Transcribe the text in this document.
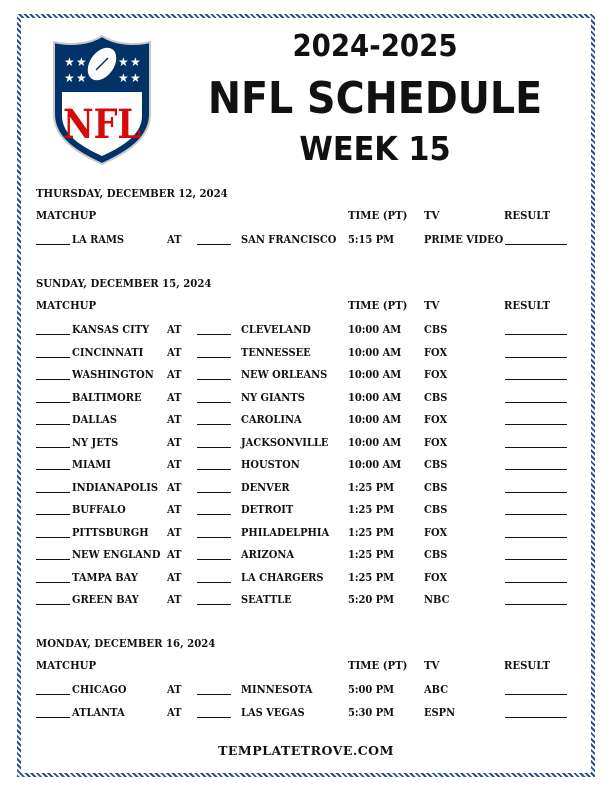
★ ★	★ ★
★ ★	★ ★
NFL
2024-2025
NFL SCHEDULE
WEEK 15
THURSDAY, DECEMBER 12, 2024
MATCHUP	TIME (PT) TV	RESULT
LA RAMS	AT	SAN FRANCISCO 5:15 PM	PRIME VIDEO
SUNDAY, DECEMBER 15, 2024
MATCHUP	TIME (PT) TV	RESULT
KANSAS CITY AT	CLEVELAND	10:00 AM CBS
CINCINNATI AT	TENNESSEE	10:00 AM FOX
WASHINGTON AT	NEW ORLEANS 10:00 AM FOX
BALTIMORE AT	NY GIANTS	10:00 AM CBS
DALLAS	AT	CAROLINA	10:00 AM FOX
NY JETS	AT	JACKSONVILLE 10:00 AM FOX
MIAMI	AT	HOUSTON	10:00 AM CBS
INDIANAPOLIS AT	DENVER	1:25 PM	CBS
BUFFALO	AT	DETROIT	1:25 PM	CBS
PITTSBURGH AT	PHILADELPHIA 1:25 PM	FOX
NEW ENGLAND AT	ARIZONA	1:25 PM	CBS
TAMPA BAY	AT	LA CHARGERS 1:25 PM	FOX
GREEN BAY AT	SEATTLE	5:20 PM	NBC
MONDAY, DECEMBER 16, 2024
MATCHUP	TIME (PT) TV	RESULT
CHICAGO	AT	MINNESOTA	5:00 PM	ABC
ATLANTA	AT	LAS VEGAS	5:30 PM	ESPN
TEMPLATETROVE.COM
